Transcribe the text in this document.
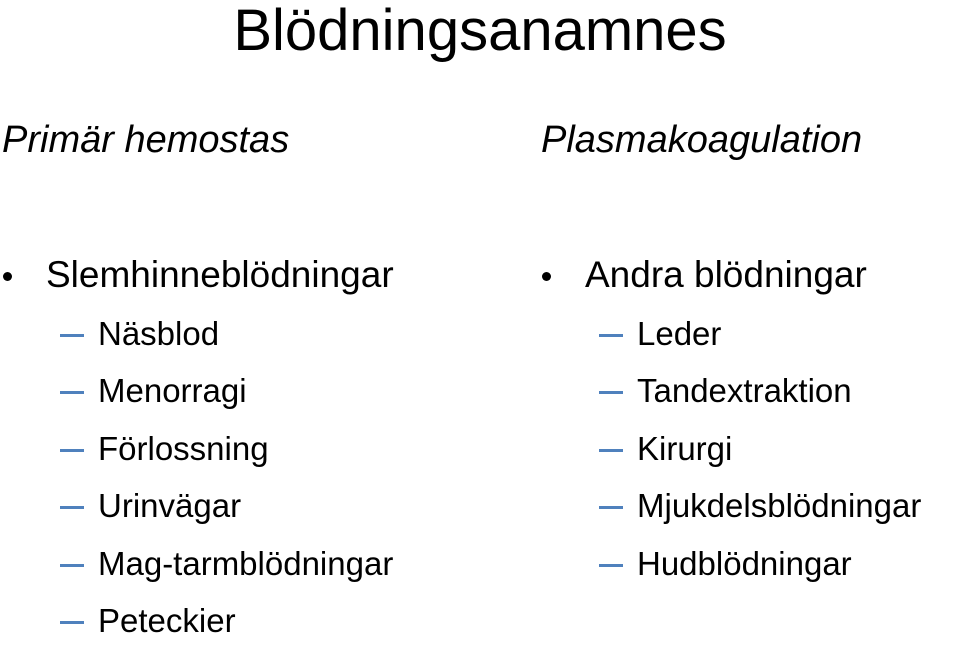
Blödningsanamnes
Primär hemostas	Plasmakoagulation
Slemhinneblödningar
Näsblod
Menorragi
Förlossning
Urinvägar
Mag-tarmblödningar
Peteckier
Andra blödningar
Leder
Tandextraktion
Kirurgi
Mjukdelsblödningar
Hudblödningar
